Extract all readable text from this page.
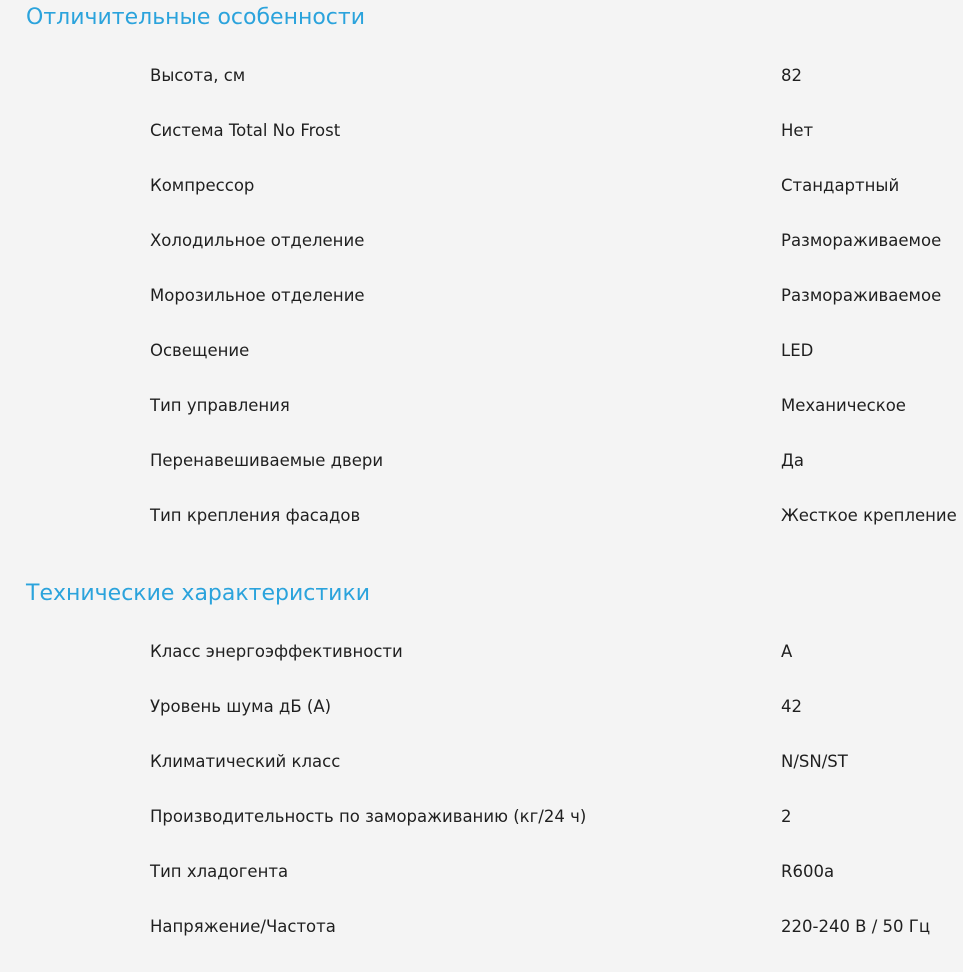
Отличительные особенности
Высота, см	82
Система Total No Frost	Нет
Компрессор	Стандартный
Холодильное отделение	Размораживаемое
Морозильное отделение	Размораживаемое
Освещение	LED
Тип управления	Механическое
Перенавешиваемые двери	Да
Тип крепления фасадов	Жесткое крепление
Технические характеристики
Класс энергоэффективности	A
Уровень шума дБ (A)	42
Климатический класс	N/SN/ST
Производительность по замораживанию (кг/24 ч)	2
Тип хладогента	R600a
Напряжение/Частота	220-240 В / 50 Гц
